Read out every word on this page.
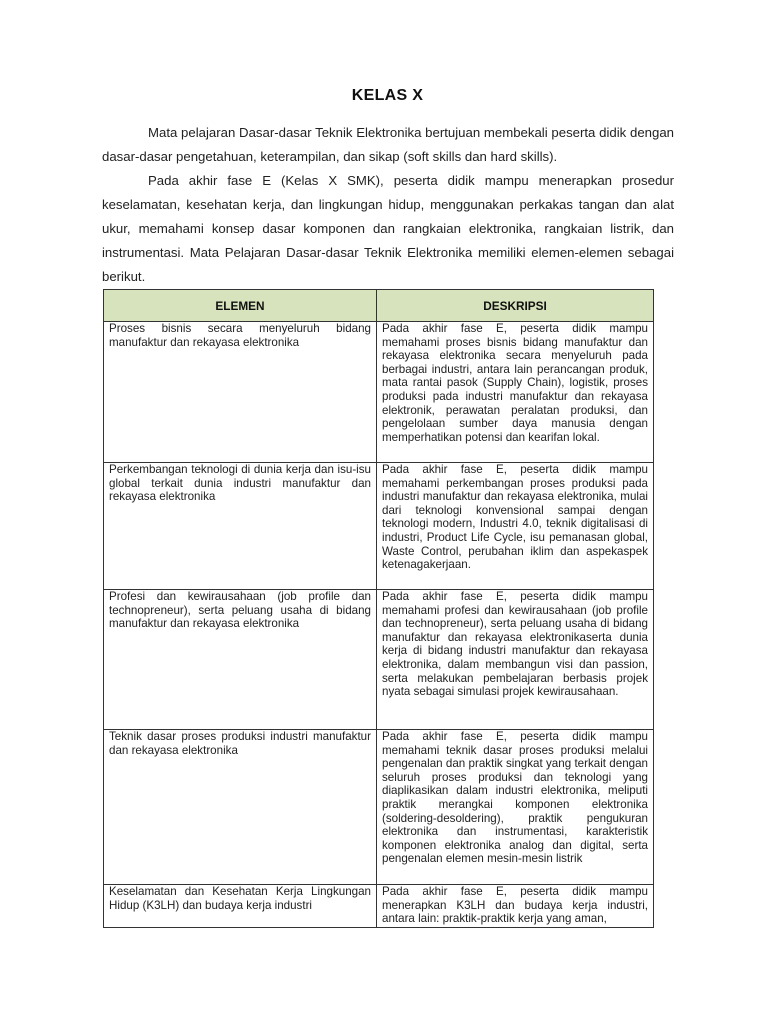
KELAS X

Mata pelajaran Dasar-dasar Teknik Elektronika bertujuan membekali peserta didik dengan dasar-dasar pengetahuan, keterampilan, dan sikap (soft skills dan hard skills).

Pada akhir fase E (Kelas X SMK), peserta didik mampu menerapkan prosedur keselamatan, kesehatan kerja, dan lingkungan hidup, menggunakan perkakas tangan dan alat ukur, memahami konsep dasar komponen dan rangkaian elektronika, rangkaian listrik, dan instrumentasi. Mata Pelajaran Dasar-dasar Teknik Elektronika memiliki elemen-elemen sebagai berikut.

ELEMEN	DESKRIPSI

Proses bisnis secara menyeluruh bidang manufaktur dan rekayasa elektronika	Pada akhir fase E, peserta didik mampu memahami proses bisnis bidang manufaktur dan rekayasa elektronika secara menyeluruh pada berbagai industri, antara lain perancangan produk, mata rantai pasok (Supply Chain), logistik, proses produksi pada industri manufaktur dan rekayasa elektronik, perawatan peralatan produksi, dan pengelolaan sumber daya manusia dengan memperhatikan potensi dan kearifan lokal.

Perkembangan teknologi di dunia kerja dan isu-isu global terkait dunia industri manufaktur dan rekayasa elektronika	Pada akhir fase E, peserta didik mampu memahami perkembangan proses produksi pada industri manufaktur dan rekayasa elektronika, mulai dari teknologi konvensional sampai dengan teknologi modern, Industri 4.0, teknik digitalisasi di industri, Product Life Cycle, isu pemanasan global, Waste Control, perubahan iklim dan aspekaspek ketenagakerjaan.

Profesi dan kewirausahaan (job profile dan technopreneur), serta peluang usaha di bidang manufaktur dan rekayasa elektronika	Pada akhir fase E, peserta didik mampu memahami profesi dan kewirausahaan (job profile dan technopreneur), serta peluang usaha di bidang manufaktur dan rekayasa elektronikaserta dunia kerja di bidang industri manufaktur dan rekayasa elektronika, dalam membangun visi dan passion, serta melakukan pembelajaran berbasis projek nyata sebagai simulasi projek kewirausahaan.

Teknik dasar proses produksi industri manufaktur dan rekayasa elektronika	Pada akhir fase E, peserta didik mampu memahami teknik dasar proses produksi melalui pengenalan dan praktik singkat yang terkait dengan seluruh proses produksi dan teknologi yang diaplikasikan dalam industri elektronika, meliputi praktik merangkai komponen elektronika (soldering-desoldering), praktik pengukuran elektronika dan instrumentasi, karakteristik komponen elektronika analog dan digital, serta pengenalan elemen mesin-mesin listrik

Keselamatan dan Kesehatan Kerja Lingkungan Hidup (K3LH) dan budaya kerja industri	Pada akhir fase E, peserta didik mampu menerapkan K3LH dan budaya kerja industri, antara lain: praktik-praktik kerja yang aman,
